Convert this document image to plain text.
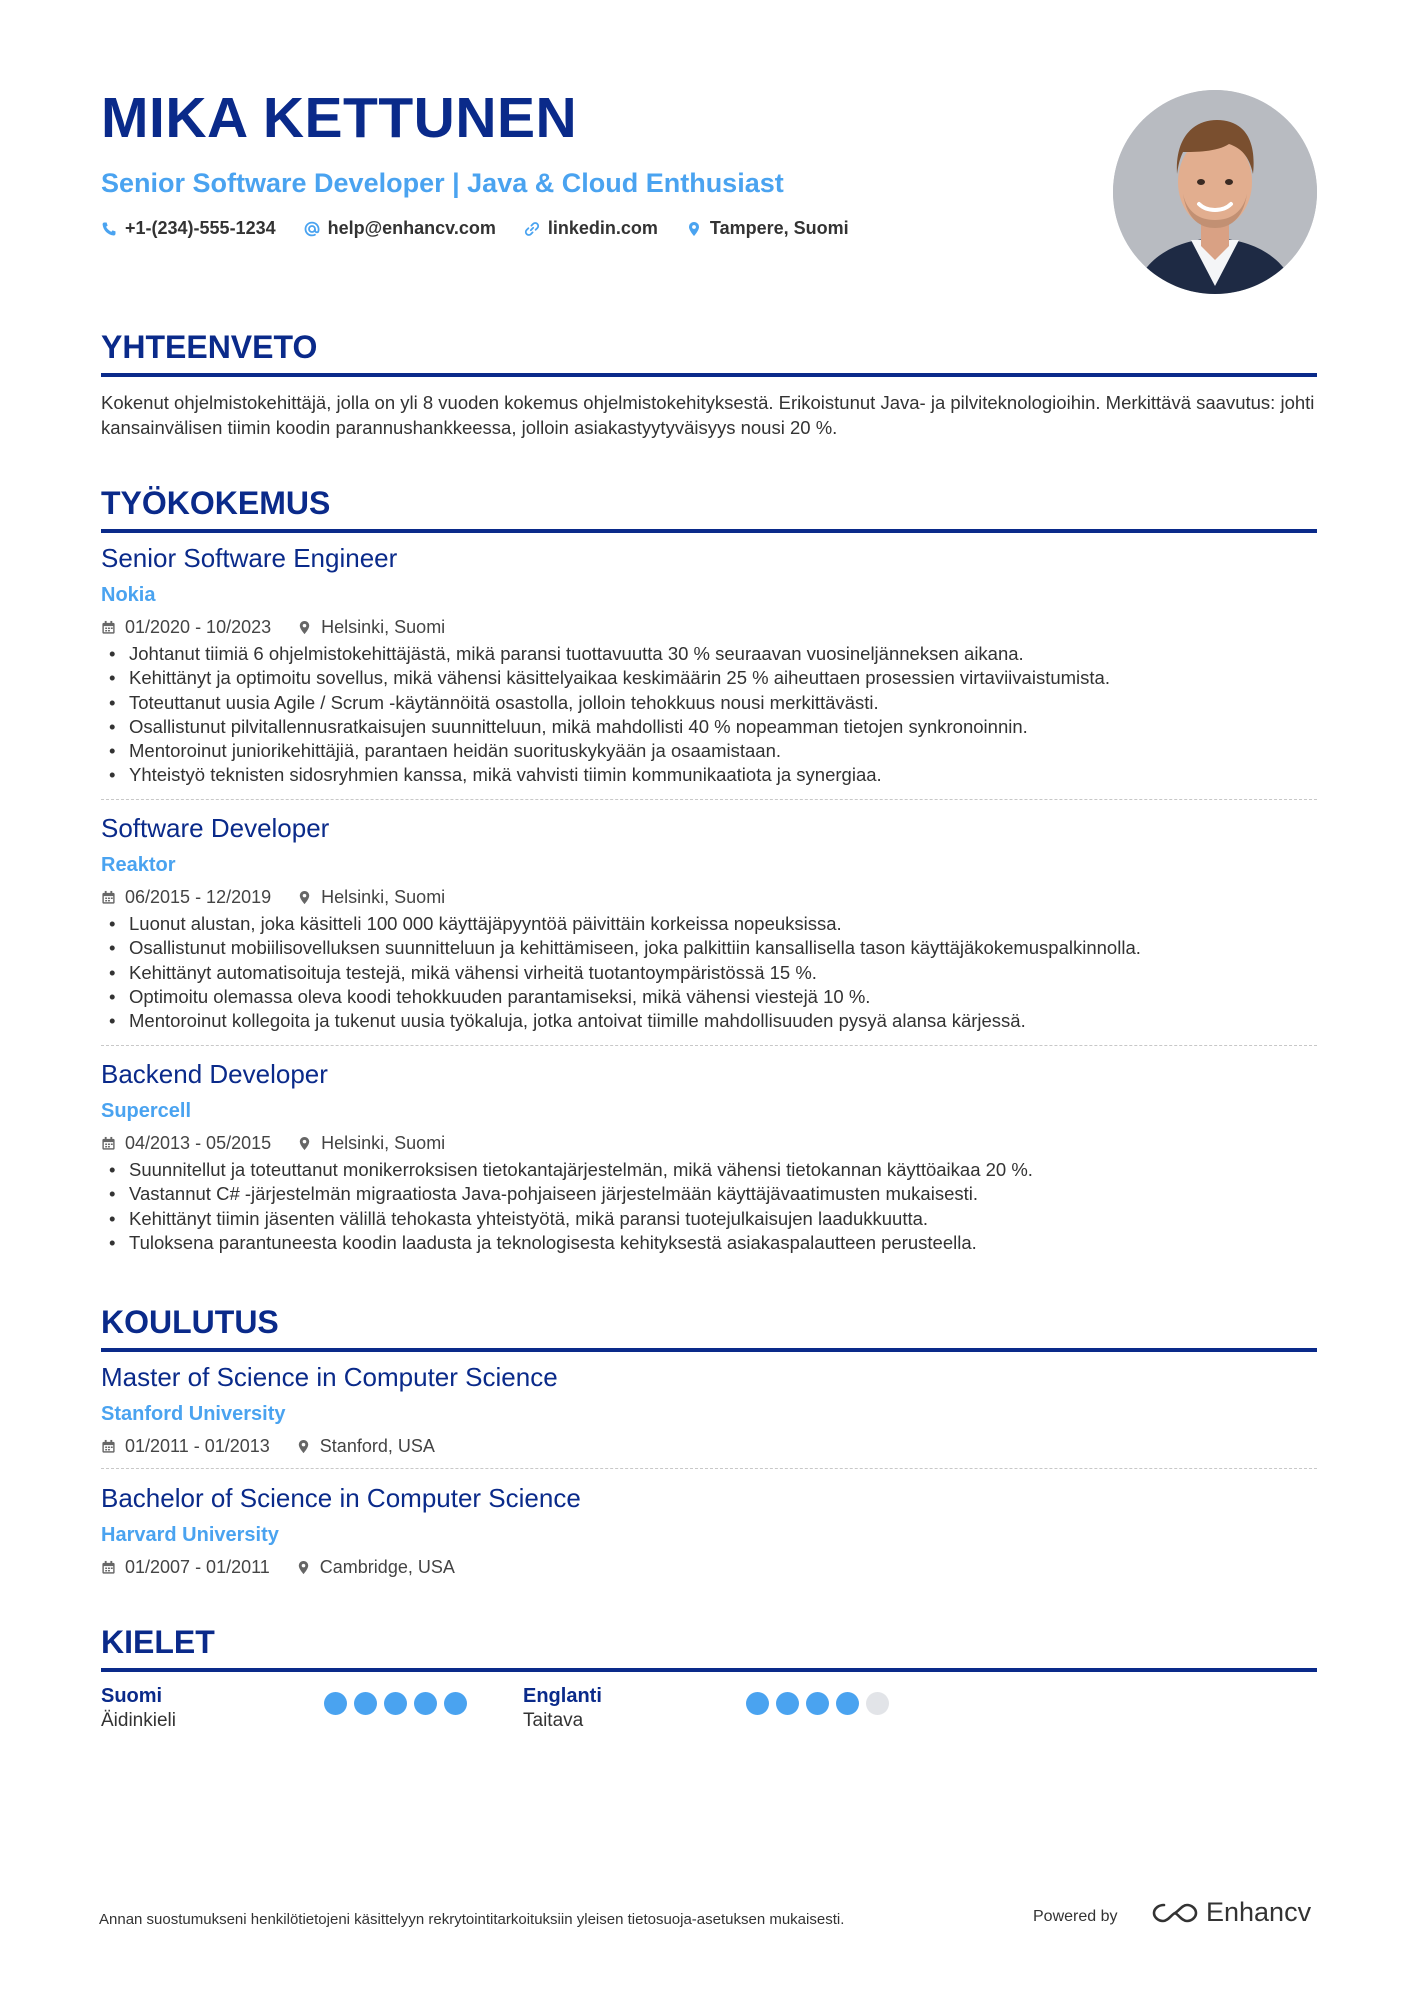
MIKA KETTUNEN
Senior Software Developer | Java & Cloud Enthusiast
+1-(234)-555-1234	help@enhancv.com	linkedin.com	Tampere, Suomi
YHTEENVETO
Kokenut ohjelmistokehittäjä, jolla on yli 8 vuoden kokemus ohjelmistokehityksestä. Erikoistunut Java- ja pilviteknologioihin. Merkittävä saavutus: johti kansainvälisen tiimin koodin parannushankkeessa, jolloin asiakastyytyväisyys nousi 20 %.
TYÖKOKEMUS
Senior Software Engineer
Nokia
01/2020 - 10/2023	Helsinki, Suomi
• Johtanut tiimiä 6 ohjelmistokehittäjästä, mikä paransi tuottavuutta 30 % seuraavan vuosineljänneksen aikana.
• Kehittänyt ja optimoitu sovellus, mikä vähensi käsittelyaikaa keskimäärin 25 % aiheuttaen prosessien virtaviivaistumista.
• Toteuttanut uusia Agile / Scrum -käytännöitä osastolla, jolloin tehokkuus nousi merkittävästi.
• Osallistunut pilvitallennusratkaisujen suunnitteluun, mikä mahdollisti 40 % nopeamman tietojen synkronoinnin.
• Mentoroinut juniorikehittäjiä, parantaen heidän suorituskykyään ja osaamistaan.
• Yhteistyö teknisten sidosryhmien kanssa, mikä vahvisti tiimin kommunikaatiota ja synergiaa.
Software Developer
Reaktor
06/2015 - 12/2019	Helsinki, Suomi
• Luonut alustan, joka käsitteli 100 000 käyttäjäpyyntöä päivittäin korkeissa nopeuksissa.
• Osallistunut mobiilisovelluksen suunnitteluun ja kehittämiseen, joka palkittiin kansallisella tason käyttäjäkokemuspalkinnolla.
• Kehittänyt automatisoituja testejä, mikä vähensi virheitä tuotantoympäristössä 15 %.
• Optimoitu olemassa oleva koodi tehokkuuden parantamiseksi, mikä vähensi viestejä 10 %.
• Mentoroinut kollegoita ja tukenut uusia työkaluja, jotka antoivat tiimille mahdollisuuden pysyä alansa kärjessä.
Backend Developer
Supercell
04/2013 - 05/2015	Helsinki, Suomi
• Suunnitellut ja toteuttanut monikerroksisen tietokantajärjestelmän, mikä vähensi tietokannan käyttöaikaa 20 %.
• Vastannut C# -järjestelmän migraatiosta Java-pohjaiseen järjestelmään käyttäjävaatimusten mukaisesti.
• Kehittänyt tiimin jäsenten välillä tehokasta yhteistyötä, mikä paransi tuotejulkaisujen laadukkuutta.
• Tuloksena parantuneesta koodin laadusta ja teknologisesta kehityksestä asiakaspalautteen perusteella.
KOULUTUS
Master of Science in Computer Science
Stanford University
01/2011 - 01/2013	Stanford, USA
Bachelor of Science in Computer Science
Harvard University
01/2007 - 01/2011	Cambridge, USA
KIELET
Suomi
Äidinkieli
Englanti
Taitava
Annan suostumukseni henkilötietojeni käsittelyyn rekrytointitarkoituksiin yleisen tietosuoja-asetuksen mukaisesti.	Powered by	Enhancv
